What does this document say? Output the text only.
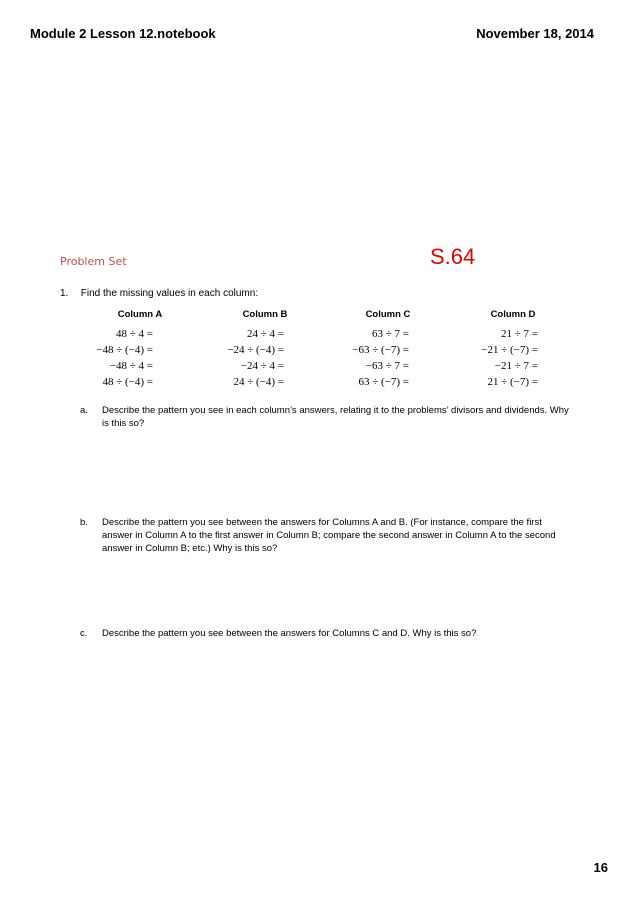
Module 2 Lesson 12.notebook	November 18, 2014
Problem Set	S.64
1. Find the missing values in each column:
Column A
48 ÷ 4 =
−48 ÷ (−4) =
−48 ÷ 4 =
48 ÷ (−4) =
Column B
24 ÷ 4 =
−24 ÷ (−4) =
−24 ÷ 4 =
24 ÷ (−4) =
Column C
63 ÷ 7 =
−63 ÷ (−7) =
−63 ÷ 7 =
63 ÷ (−7) =
Column D
21 ÷ 7 =
−21 ÷ (−7) =
−21 ÷ 7 =
21 ÷ (−7) =
a. Describe the pattern you see in each column’s answers, relating it to the problems’ divisors and dividends. Why is this so?
b. Describe the pattern you see between the answers for Columns A and B. (For instance, compare the first answer in Column A to the first answer in Column B; compare the second answer in Column A to the second answer in Column B; etc.) Why is this so?
c. Describe the pattern you see between the answers for Columns C and D. Why is this so?
16
